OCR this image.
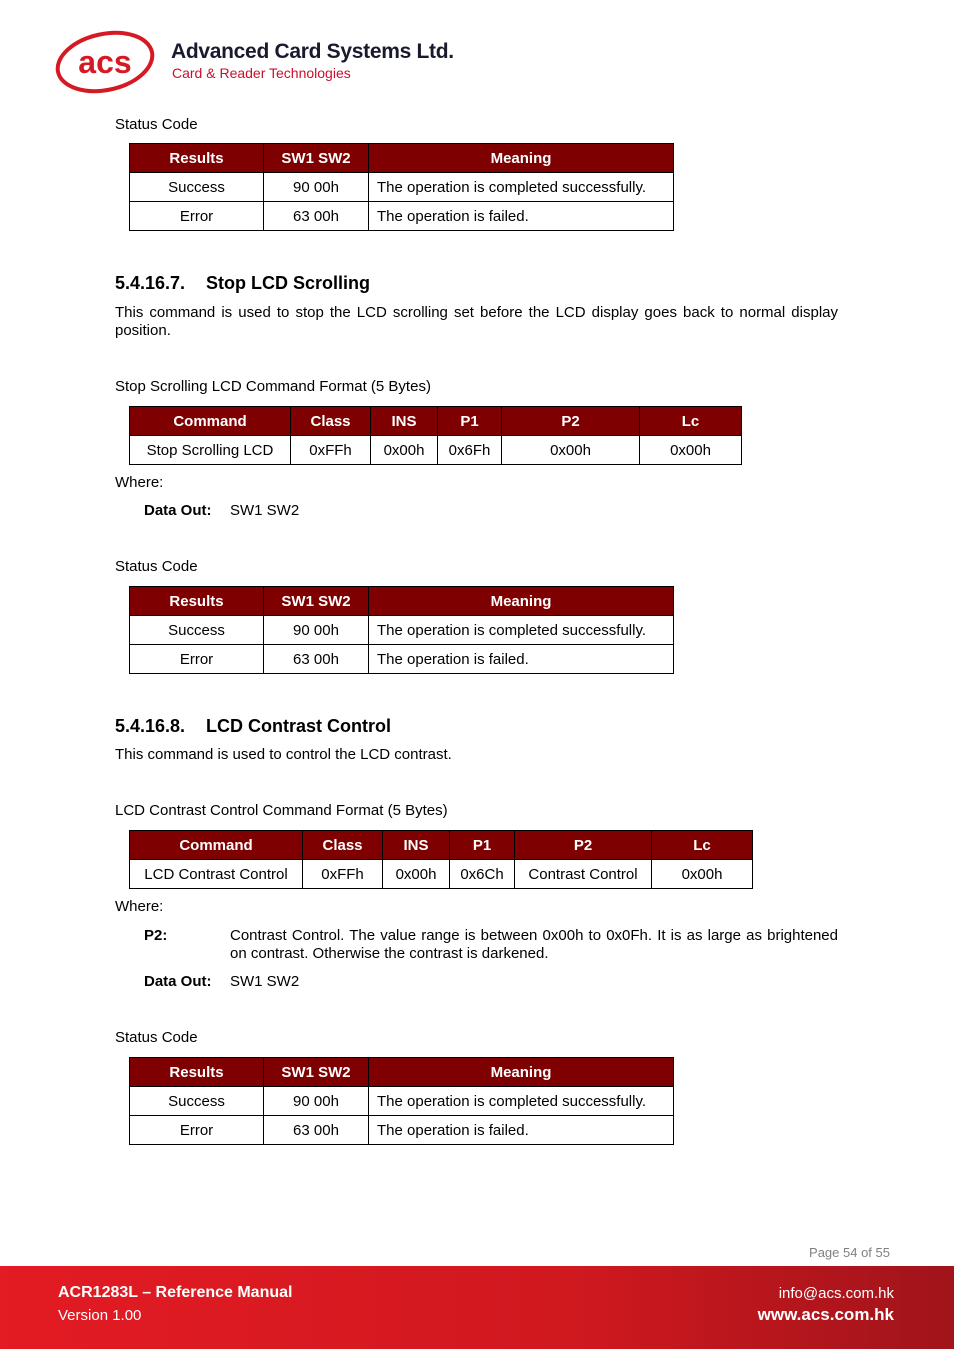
acs Advanced Card Systems Ltd.
Card & Reader Technologies
Status Code
Results	SW1 SW2	Meaning
Success	90 00h	The operation is completed successfully.
Error	63 00h	The operation is failed.
5.4.16.7. Stop LCD Scrolling
This command is used to stop the LCD scrolling set before the LCD display goes back to normal display position.
Stop Scrolling LCD Command Format (5 Bytes)
Command	Class	INS	P1	P2	Lc
Stop Scrolling LCD	0xFFh	0x00h	0x6Fh	0x00h	0x00h
Where:
Data Out: SW1 SW2
Status Code
Results	SW1 SW2	Meaning
Success	90 00h	The operation is completed successfully.
Error	63 00h	The operation is failed.
5.4.16.8. LCD Contrast Control
This command is used to control the LCD contrast.
LCD Contrast Control Command Format (5 Bytes)
Command	Class	INS	P1	P2	Lc
LCD Contrast Control	0xFFh	0x00h	0x6Ch	Contrast Control	0x00h
Where:
P2:	Contrast Control. The value range is between 0x00h to 0x0Fh. It is as large as brightened on contrast. Otherwise the contrast is darkened.
Data Out: SW1 SW2
Status Code
Results	SW1 SW2	Meaning
Success	90 00h	The operation is completed successfully.
Error	63 00h	The operation is failed.
Page 54 of 55
ACR1283L – Reference Manual
Version 1.00
info@acs.com.hk
www.acs.com.hk
